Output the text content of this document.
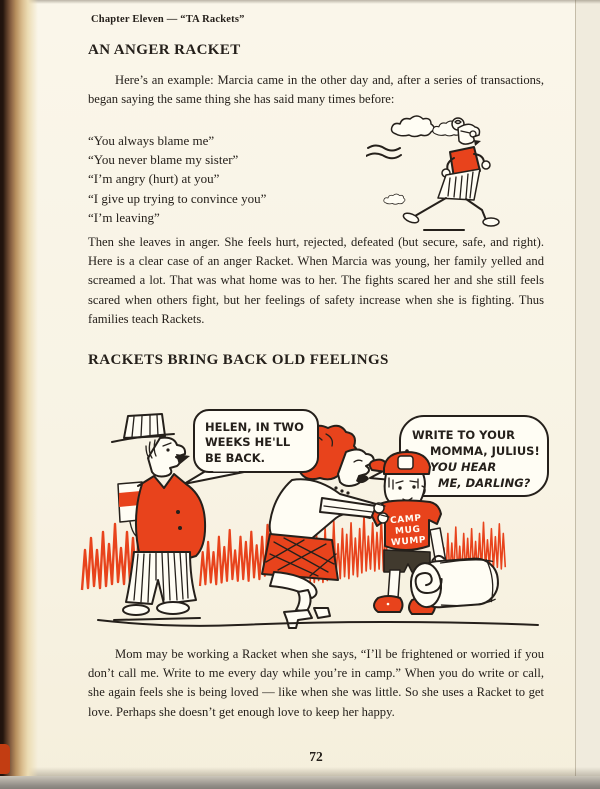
Chapter Eleven — “TA Rackets”
AN ANGER RACKET

Here’s an example: Marcia came in the other day and, after a series of transactions, began saying the same thing she has said many times before:

“You always blame me”
“You never blame my sister”
“I’m angry (hurt) at you”
“I give up trying to convince you”
“I’m leaving”

Then she leaves in anger. She feels hurt, rejected, defeated (but secure, safe, and right). Here is a clear case of an anger Racket. When Marcia was young, her family yelled and screamed a lot. That was what home was to her. The fights scared her and she still feels scared when others fight, but her feelings of safety increase when she is fighting. Thus families teach Rackets.

RACKETS BRING BACK OLD FEELINGS
HELEN, IN TWO
WEEKS HE'LL
BE BACK.
WRITE TO YOUR
MOMMA, JULIUS!
YOU HEAR
ME, DARLING?
CAMP
MUG
WUMP

Mom may be working a Racket when she says, “I’ll be frightened or worried if you don’t call me. Write to me every day while you’re in camp.” When you do write or call, she again feels she is being loved — like when she was little. So she uses a Racket to get love. Perhaps she doesn’t get enough love to keep her happy.

72
